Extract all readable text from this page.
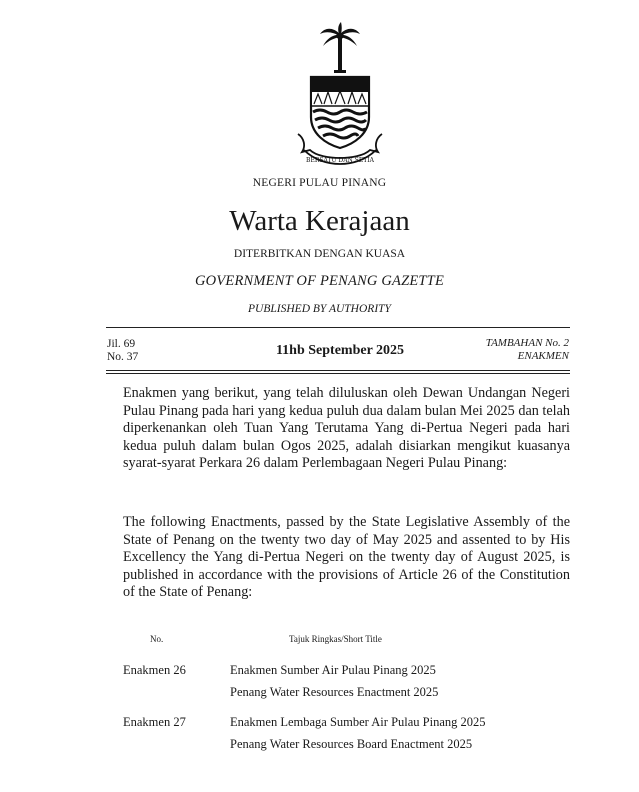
BERSATU DAN SETIA
NEGERI PULAU PINANG
Warta Kerajaan
DITERBITKAN DENGAN KUASA
GOVERNMENT OF PENANG GAZETTE
PUBLISHED BY AUTHORITY
Jil. 69
No. 37	11hb September 2025	TAMBAHAN No. 2
ENAKMEN
Enakmen yang berikut, yang telah diluluskan oleh Dewan Undangan Negeri Pulau Pinang pada hari yang kedua puluh dua dalam bulan Mei 2025 dan telah diperkenankan oleh Tuan Yang Terutama Yang di-Pertua Negeri pada hari kedua puluh dalam bulan Ogos 2025, adalah disiarkan mengikut kuasanya syarat-syarat Perkara 26 dalam Perlembagaan Negeri Pulau Pinang:
The following Enactments, passed by the State Legislative Assembly of the State of Penang on the twenty two day of May 2025 and assented to by His Excellency the Yang di-Pertua Negeri on the twenty day of August 2025, is published in accordance with the provisions of Article 26 of the Constitution of the State of Penang:
No.	Tajuk Ringkas/Short Title
Enakmen 26	Enakmen Sumber Air Pulau Pinang 2025
Penang Water Resources Enactment 2025
Enakmen 27	Enakmen Lembaga Sumber Air Pulau Pinang 2025
Penang Water Resources Board Enactment 2025
